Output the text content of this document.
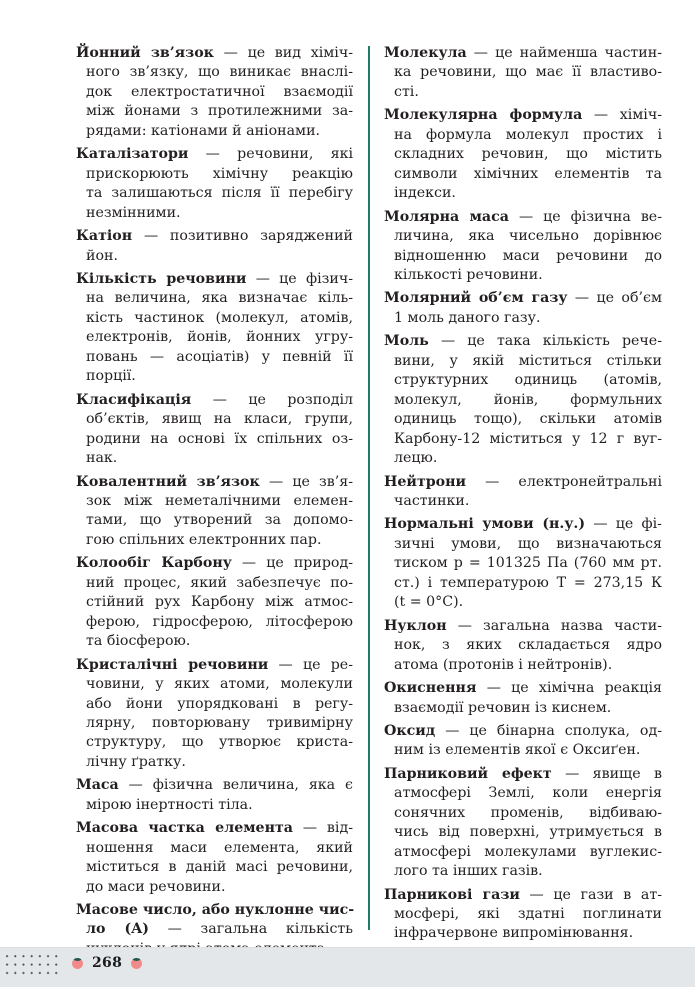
Йонний зв’язок — це вид хіміч-
ного зв’язку, що виникає внаслі-
док електростатичної взаємодії
між йонами з протилежними за-
рядами: катіонами й аніонами.

Каталізатори — речовини, які
прискорюють хімічну реакцію
та залишаються після її перебігу
незмінними.

Катіон — позитивно заряджений
йон.

Кількість речовини — це фізич-
на величина, яка визначає кіль-
кість частинок (молекул, атомів,
електронів, йонів, йонних угру-
повань — асоціатів) у певній її
порції.

Класифікація — це розподіл
об’єктів, явищ на класи, групи,
родини на основі їх спільних оз-
нак.

Ковалентний зв’язок — це зв’я-
зок між неметалічними елемен-
тами, що утворений за допомо-
гою спільних електронних пар.

Колообіг Карбону — це природ-
ний процес, який забезпечує по-
стійний рух Карбону між атмос-
ферою, гідросферою, літосферою
та біосферою.

Кристалічні речовини — це ре-
човини, у яких атоми, молекули
або йони упорядковані в регу-
лярну, повторювану тривимірну
структуру, що утворює криста-
лічну ґратку.

Маса — фізична величина, яка є
мірою інертності тіла.

Масова частка елемента — від-
ношення маси елемента, який
міститься в даній масі речовини,
до маси речовини.

Масове число, або нуклонне чис-
ло (A) — загальна кількість

Молекула — це найменша частин-
ка речовини, що має її властиво-
сті.

Молекулярна формула — хіміч-
на формула молекул простих і
складних речовин, що містить
символи хімічних елементів та
індекси.

Молярна маса — це фізична ве-
личина, яка чисельно дорівнює
відношенню маси речовини до
кількості речовини.

Молярний об’єм газу — це об’єм
1 моль даного газу.

Моль — це така кількість рече-
вини, у якій міститься стільки
структурних одиниць (атомів,
молекул, йонів, формульних
одиниць тощо), скільки атомів
Карбону-12 міститься у 12 г вуг-
лецю.

Нейтрони — електронейтральні
частинки.

Нормальні умови (н.у.) — це фі-
зичні умови, що визначаються
тиском p = 101325 Па (760 мм рт.
ст.) і температурою T = 273,15 К
(t = 0°C).

Нуклон — загальна назва части-
нок, з яких складається ядро
атома (протонів і нейтронів).

Окиснення — це хімічна реакція
взаємодії речовин із киснем.

Оксид — це бінарна сполука, од-
ним із елементів якої є Оксиґен.

Парниковий ефект — явище в
атмосфері Землі, коли енергія
сонячних променів, відбиваю-
чись від поверхні, утримується в
атмосфері молекулами вуглекис-
лого та інших газів.

Парникові гази — це гази в ат-
мосфері, які здатні поглинати
інфрачервоне випромінювання.

268
